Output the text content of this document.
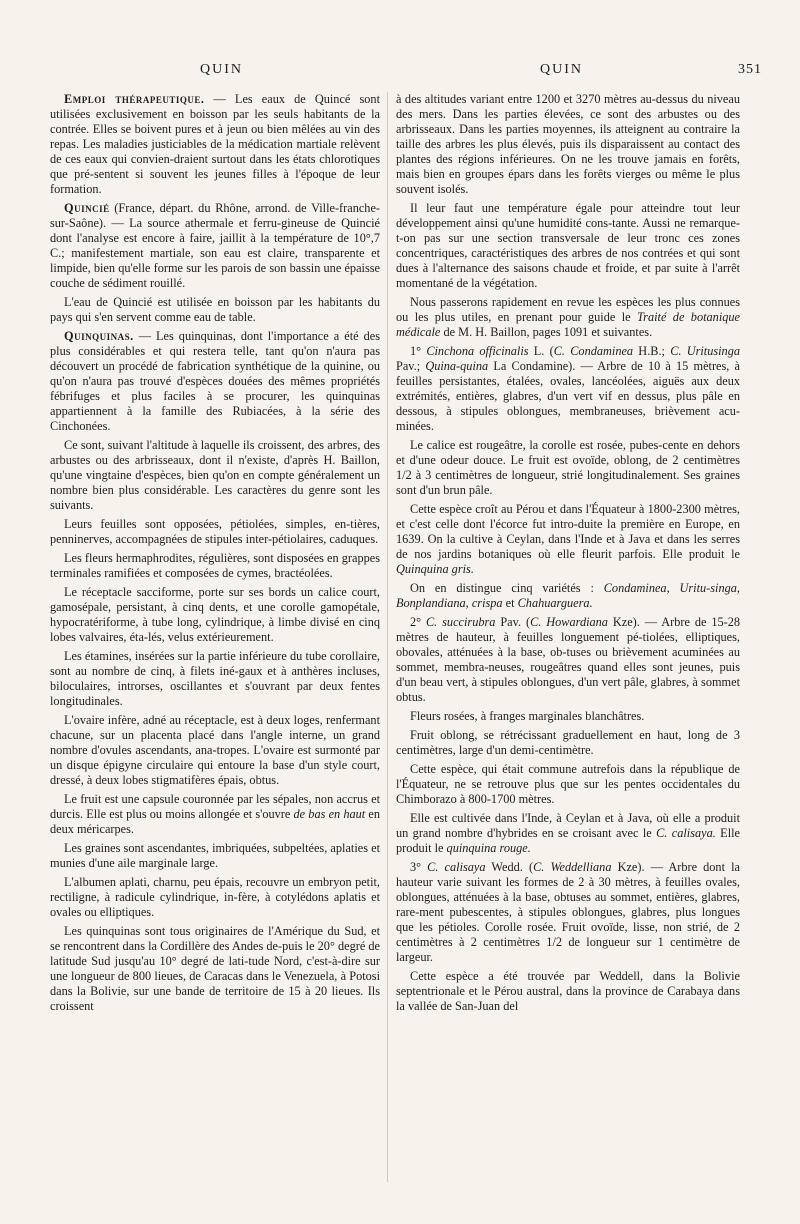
QUIN	QUIN	351

Emploi thérapeutique. — Les eaux de Quincé sont utilisées exclusivement en boisson par les seuls habitants de la contrée. Elles se boivent pures et à jeun ou bien mêlées au vin des repas. Les maladies justiciables de la médication martiale relèvent de ces eaux qui convien-draient surtout dans les états chlorotiques que pré-sentent si souvent les jeunes filles à l'époque de leur formation.

Quincié (France, départ. du Rhône, arrond. de Ville-franche-sur-Saône). — La source athermale et ferru-gineuse de Quincié dont l'analyse est encore à faire, jaillit à la température de 10°,7 C.; manifestement martiale, son eau est claire, transparente et limpide, bien qu'elle forme sur les parois de son bassin une épaisse couche de sédiment rouillé.

L'eau de Quincié est utilisée en boisson par les habitants du pays qui s'en servent comme eau de table.

Quinquinas. — Les quinquinas, dont l'importance a été des plus considérables et qui restera telle, tant qu'on n'aura pas découvert un procédé de fabrication synthétique de la quinine, ou qu'on n'aura pas trouvé d'espèces douées des mêmes propriétés fébrifuges et plus faciles à se procurer, les quinquinas appartiennent à la famille des Rubiacées, à la série des Cinchonées.

Ce sont, suivant l'altitude à laquelle ils croissent, des arbres, des arbustes ou des arbrisseaux, dont il n'existe, d'après H. Baillon, qu'une vingtaine d'espèces, bien qu'on en compte généralement un nombre bien plus considérable. Les caractères du genre sont les suivants.

Leurs feuilles sont opposées, pétiolées, simples, en-tières, penninerves, accompagnées de stipules inter-pétiolaires, caduques.

Les fleurs hermaphrodites, régulières, sont disposées en grappes terminales ramifiées et composées de cymes, bractéolées.

Le réceptacle sacciforme, porte sur ses bords un calice court, gamosépale, persistant, à cinq dents, et une corolle gamopétale, hypocratériforme, à tube long, cylindrique, à limbe divisé en cinq lobes valvaires, éta-lés, velus extérieurement.

Les étamines, insérées sur la partie inférieure du tube corollaire, sont au nombre de cinq, à filets iné-gaux et à anthères incluses, biloculaires, introrses, oscillantes et s'ouvrant par deux fentes longitudinales.

L'ovaire infère, adné au réceptacle, est à deux loges, renfermant chacune, sur un placenta placé dans l'angle interne, un grand nombre d'ovules ascendants, ana-tropes. L'ovaire est surmonté par un disque épigyne circulaire qui entoure la base d'un style court, dressé, à deux lobes stigmatifères épais, obtus.

Le fruit est une capsule couronnée par les sépales, non accrus et durcis. Elle est plus ou moins allongée et s'ouvre de bas en haut en deux méricarpes.

Les graines sont ascendantes, imbriquées, subpeltées, aplaties et munies d'une aile marginale large.

L'albumen aplati, charnu, peu épais, recouvre un embryon petit, rectiligne, à radicule cylindrique, in-fère, à cotylédons aplatis et ovales ou elliptiques.

Les quinquinas sont tous originaires de l'Amérique du Sud, et se rencontrent dans la Cordillère des Andes de-puis le 20° degré de latitude Sud jusqu'au 10° degré de lati-tude Nord, c'est-à-dire sur une longueur de 800 lieues, de Caracas dans le Venezuela, à Potosi dans la Bolivie, sur une bande de territoire de 15 à 20 lieues. Ils croissent

à des altitudes variant entre 1200 et 3270 mètres au-dessus du niveau des mers. Dans les parties élevées, ce sont des arbustes ou des arbrisseaux. Dans les parties moyennes, ils atteignent au contraire la taille des arbres les plus élevés, puis ils disparaissent au contact des plantes des régions inférieures. On ne les trouve jamais en forêts, mais bien en groupes épars dans les forêts vierges ou même le plus souvent isolés.

Il leur faut une température égale pour atteindre tout leur développement ainsi qu'une humidité cons-tante. Aussi ne remarque-t-on pas sur une section transversale de leur tronc ces zones concentriques, caractéristiques des arbres de nos contrées et qui sont dues à l'alternance des saisons chaude et froide, et par suite à l'arrêt momentané de la végétation.

Nous passerons rapidement en revue les espèces les plus connues ou les plus utiles, en prenant pour guide le Traité de botanique médicale de M. H. Baillon, pages 1091 et suivantes.

1° Cinchona officinalis L. (C. Condaminea H.B.; C. Uritusinga Pav.; Quina-quina La Condamine). — Arbre de 10 à 15 mètres, à feuilles persistantes, étalées, ovales, lancéolées, aiguës aux deux extrémités, entières, glabres, d'un vert vif en dessus, plus pâle en dessous, à stipules oblongues, membraneuses, brièvement acu-minées.

Le calice est rougeâtre, la corolle est rosée, pubes-cente en dehors et d'une odeur douce. Le fruit est ovoïde, oblong, de 2 centimètres 1/2 à 3 centimètres de longueur, strié longitudinalement. Ses graines sont d'un brun pâle.

Cette espèce croît au Pérou et dans l'Équateur à 1800-2300 mètres, et c'est celle dont l'écorce fut intro-duite la première en Europe, en 1639. On la cultive à Ceylan, dans l'Inde et à Java et dans les serres de nos jardins botaniques où elle fleurit parfois. Elle produit le Quinquina gris.

On en distingue cinq variétés : Condaminea, Uritu-singa, Bonplandiana, crispa et Chahuarguera.

2° C. succirubra Pav. (C. Howardiana Kze). — Arbre de 15-28 mètres de hauteur, à feuilles longuement pé-tiolées, elliptiques, obovales, atténuées à la base, ob-tuses ou brièvement acuminées au sommet, membra-neuses, rougeâtres quand elles sont jeunes, puis d'un beau vert, à stipules oblongues, d'un vert pâle, glabres, à sommet obtus.

Fleurs rosées, à franges marginales blanchâtres.

Fruit oblong, se rétrécissant graduellement en haut, long de 3 centimètres, large d'un demi-centimètre.

Cette espèce, qui était commune autrefois dans la république de l'Équateur, ne se retrouve plus que sur les pentes occidentales du Chimborazo à 800-1700 mètres.

Elle est cultivée dans l'Inde, à Ceylan et à Java, où elle a produit un grand nombre d'hybrides en se croisant avec le C. calisaya. Elle produit le quinquina rouge.

3° C. calisaya Wedd. (C. Weddelliana Kze). — Arbre dont la hauteur varie suivant les formes de 2 à 30 mètres, à feuilles ovales, oblongues, atténuées à la base, obtuses au sommet, entières, glabres, rare-ment pubescentes, à stipules oblongues, glabres, plus longues que les pétioles. Corolle rosée. Fruit ovoïde, lisse, non strié, de 2 centimètres à 2 centimètres 1/2 de longueur sur 1 centimètre de largeur.

Cette espèce a été trouvée par Weddell, dans la Bolivie septentrionale et le Pérou austral, dans la province de Carabaya dans la vallée de San-Juan del
